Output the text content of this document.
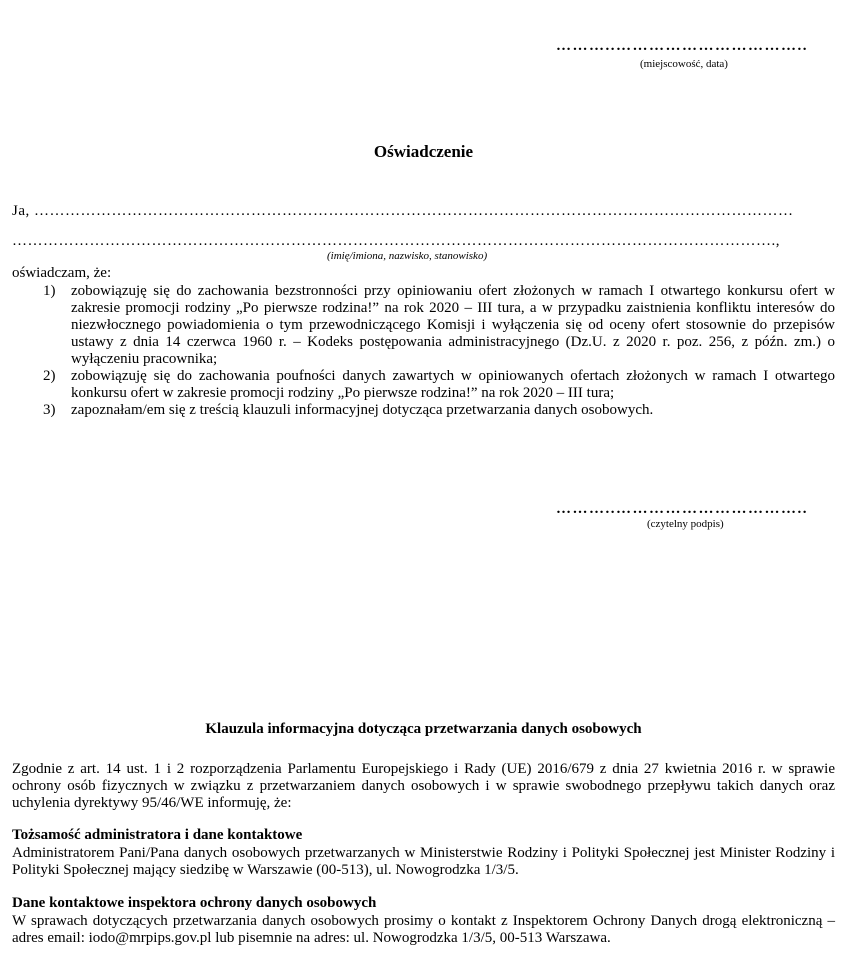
………..……………………………..
(miejscowość, data)
Oświadczenie
Ja, …………………………………………………………………………………………………………………………………
………………………………………………………………………………………………………………………………….,
(imię/imiona, nazwisko, stanowisko)
oświadczam, że:
1) zobowiązuję się do zachowania bezstronności przy opiniowaniu ofert złożonych w ramach I otwartego konkursu ofert w zakresie promocji rodziny „Po pierwsze rodzina!” na rok 2020 – III tura, a w przypadku zaistnienia konfliktu interesów do niezwłocznego powiadomienia o tym przewodniczącego Komisji i wyłączenia się od oceny ofert stosownie do przepisów ustawy z dnia 14 czerwca 1960 r. – Kodeks postępowania administracyjnego (Dz.U. z 2020 r. poz. 256, z późn. zm.) o wyłączeniu pracownika;
2) zobowiązuję się do zachowania poufności danych zawartych w opiniowanych ofertach złożonych w ramach I otwartego konkursu ofert w zakresie promocji rodziny „Po pierwsze rodzina!” na rok 2020 – III tura;
3) zapoznałam/em się z treścią klauzuli informacyjnej dotycząca przetwarzania danych osobowych.
………..……………………………..
(czytelny podpis)
Klauzula informacyjna dotycząca przetwarzania danych osobowych
Zgodnie z art. 14 ust. 1 i 2 rozporządzenia Parlamentu Europejskiego i Rady (UE) 2016/679 z dnia 27 kwietnia 2016 r. w sprawie ochrony osób fizycznych w związku z przetwarzaniem danych osobowych i w sprawie swobodnego przepływu takich danych oraz uchylenia dyrektywy 95/46/WE informuję, że:
Tożsamość administratora i dane kontaktowe
Administratorem Pani/Pana danych osobowych przetwarzanych w Ministerstwie Rodziny i Polityki Społecznej jest Minister Rodziny i Polityki Społecznej mający siedzibę w Warszawie (00-513), ul. Nowogrodzka 1/3/5.
Dane kontaktowe inspektora ochrony danych osobowych
W sprawach dotyczących przetwarzania danych osobowych prosimy o kontakt z Inspektorem Ochrony Danych drogą elektroniczną – adres email: iodo@mrpips.gov.pl lub pisemnie na adres: ul. Nowogrodzka 1/3/5, 00-513 Warszawa.
